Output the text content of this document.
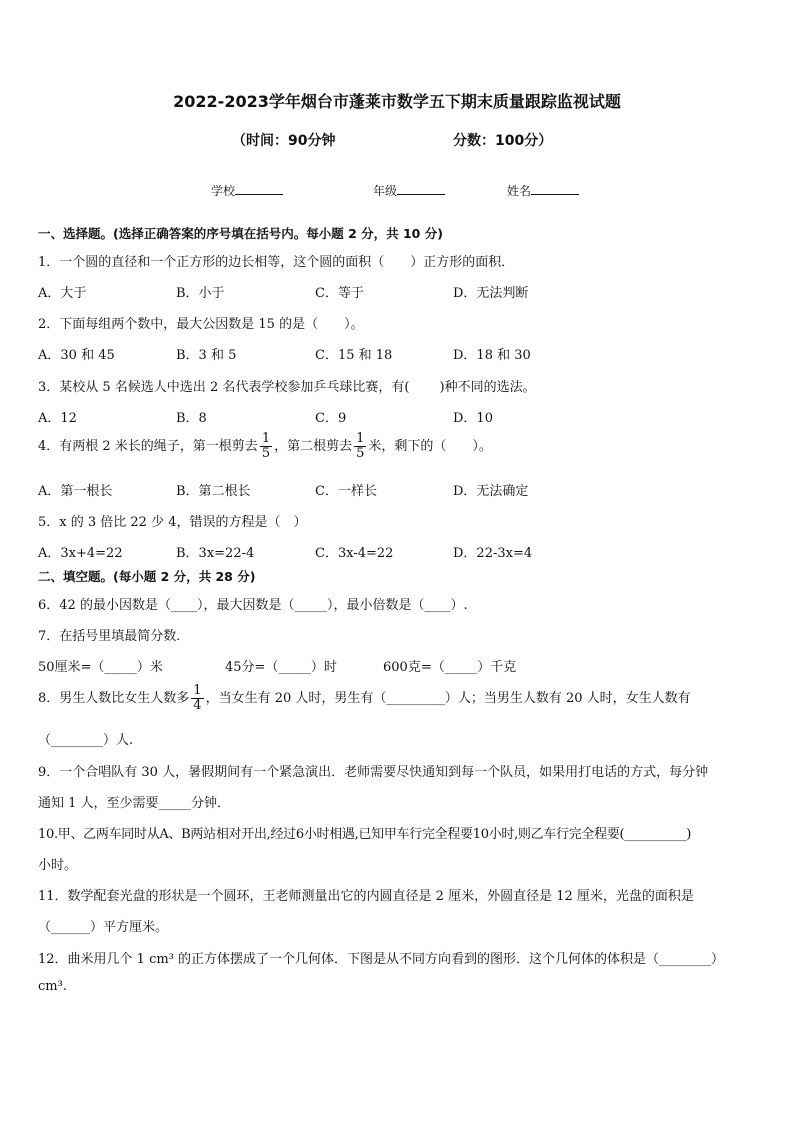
2022-2023学年烟台市蓬莱市数学五下期末质量跟踪监视试题
（时间：90分钟	分数：100分）
学校	年级	姓名
一、选择题。(选择正确答案的序号填在括号内。每小题 2 分，共 10 分)
1．一个圆的直径和一个正方形的边长相等，这个圆的面积（　　）正方形的面积．
A．大于	B．小于	C．等于	D．无法判断
2．下面每组两个数中，最大公因数是 15 的是（　　）。
A．30 和 45	B．3 和 5	C．15 和 18	D．18 和 30
3．某校从 5 名候选人中选出 2 名代表学校参加乒乓球比赛，有(　　 )种不同的选法。
A．12	B．8	C．9	D．10
4．有两根 2 米长的绳子，第一根剪去 $\frac{1}{5}$ ，第二根剪去 $\frac{1}{5}$ 米，剩下的（　　）。
A．第一根长	B．第二根长	C．一样长	D．无法确定
5．x 的 3 倍比 22 少 4，错误的方程是（　）
A．3x+4=22	B．3x=22-4	C．3x-4=22	D．22-3x=4
二、填空题。(每小题 2 分，共 28 分)
6．42 的最小因数是（____），最大因数是（_____），最小倍数是（____）.
7．在括号里填最简分数．
50厘米=（_____）米	45分=（_____）时	600克=（_____）千克
8．男生人数比女生人数多 $\frac{1}{4}$ ，当女生有 20 人时，男生有（_________）人；当男生人数有 20 人时，女生人数有
（________）人.
9．一个合唱队有 30 人，暑假期间有一个紧急演出．老师需要尽快通知到每一个队员，如果用打电话的方式，每分钟
通知 1 人，至少需要_____分钟．
10.甲、乙两车同时从A、B两站相对开出,经过6小时相遇,已知甲车行完全程要10小时,则乙车行完全程要(__________)
小时。
11．数学配套光盘的形状是一个圆环，王老师测量出它的内圆直径是 2 厘米，外圆直径是 12 厘米，光盘的面积是
（______）平方厘米。
12．曲米用几个 1 cm³ 的正方体摆成了一个几何体．下图是从不同方向看到的图形．这个几何体的体积是（________）
cm³.
